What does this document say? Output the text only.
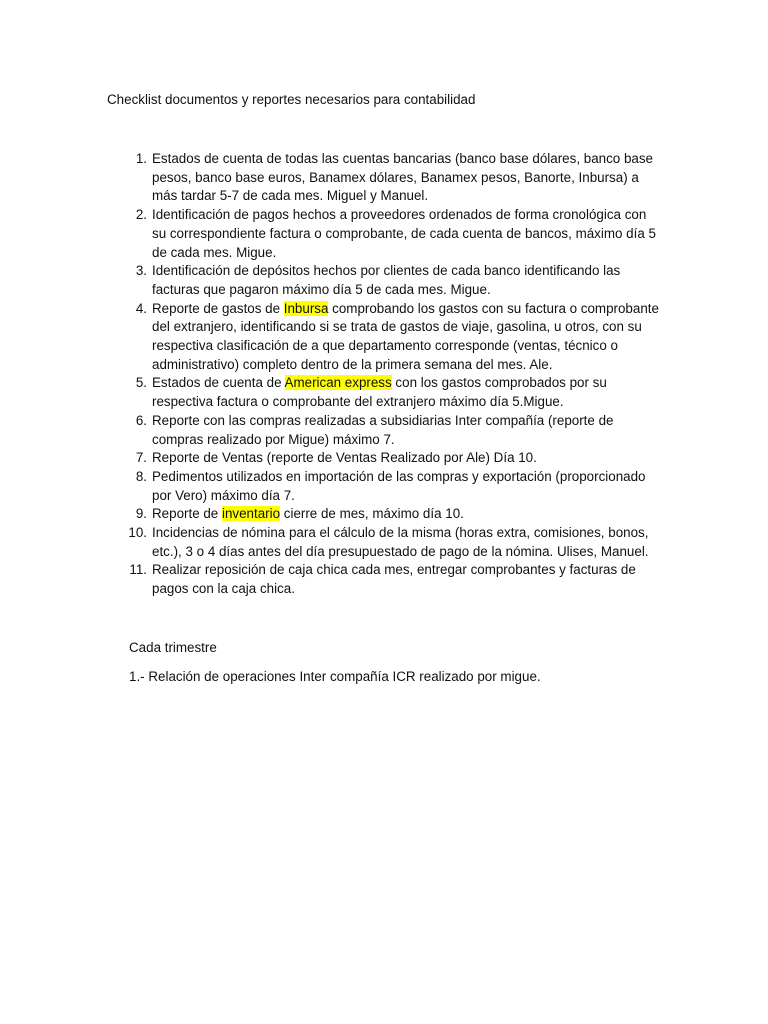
Checklist documentos y reportes necesarios para contabilidad

1. Estados de cuenta de todas las cuentas bancarias (banco base dólares, banco base pesos, banco base euros, Banamex dólares, Banamex pesos, Banorte, Inbursa) a más tardar 5-7 de cada mes. Miguel y Manuel.
2. Identificación de pagos hechos a proveedores ordenados de forma cronológica con su correspondiente factura o comprobante, de cada cuenta de bancos, máximo día 5 de cada mes. Migue.
3. Identificación de depósitos hechos por clientes de cada banco identificando las facturas que pagaron máximo día 5 de cada mes. Migue.
4. Reporte de gastos de Inbursa comprobando los gastos con su factura o comprobante del extranjero, identificando si se trata de gastos de viaje, gasolina, u otros, con su respectiva clasificación de a que departamento corresponde (ventas, técnico o administrativo) completo dentro de la primera semana del mes. Ale.
5. Estados de cuenta de American express con los gastos comprobados por su respectiva factura o comprobante del extranjero máximo día 5.Migue.
6. Reporte con las compras realizadas a subsidiarias Inter compañía (reporte de compras realizado por Migue) máximo 7.
7. Reporte de Ventas (reporte de Ventas Realizado por Ale) Día 10.
8. Pedimentos utilizados en importación de las compras y exportación (proporcionado por Vero) máximo día 7.
9. Reporte de inventario cierre de mes, máximo día 10.
10. Incidencias de nómina para el cálculo de la misma (horas extra, comisiones, bonos, etc.), 3 o 4 días antes del día presupuestado de pago de la nómina. Ulises, Manuel.
11. Realizar reposición de caja chica cada mes, entregar comprobantes y facturas de pagos con la caja chica.

Cada trimestre

1.- Relación de operaciones Inter compañía ICR realizado por migue.
